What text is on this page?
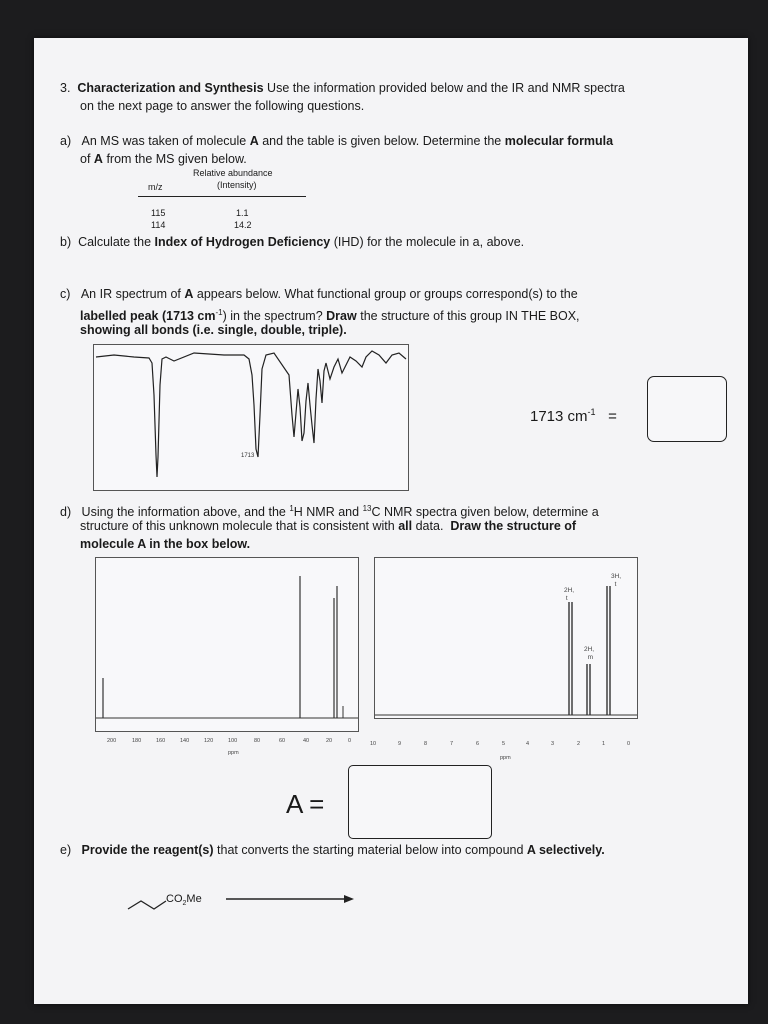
3. Characterization and Synthesis Use the information provided below and the IR and NMR spectra
on the next page to answer the following questions.
a) An MS was taken of molecule A and the table is given below. Determine the molecular formula
of A from the MS given below.
Relative abundance
m/z	(Intensity)
115	1.1
114	14.2
b) Calculate the Index of Hydrogen Deficiency (IHD) for the molecule in a, above.
c) An IR spectrum of A appears below. What functional group or groups correspond(s) to the
labelled peak (1713 $cm^{-1}$) in the spectrum? Draw the structure of this group IN THE BOX,
showing all bonds (i.e. single, double, triple).
1713
1713 $cm^{-1}$ =
d) Using the information above, and the $^1$H NMR and $^{13}$C NMR spectra given below, determine a
structure of this unknown molecule that is consistent with all data. Draw the structure of
molecule A in the box below.
200	180	160	140	120	100	80	60	40	20	0
ppm
3H,
t
2H,
t
2H,
m
10	9	8	7	6	5	4	3	2	1	0
ppm
A =
e) Provide the reagent(s) that converts the starting material below into compound A selectively.
$CO_2Me$
